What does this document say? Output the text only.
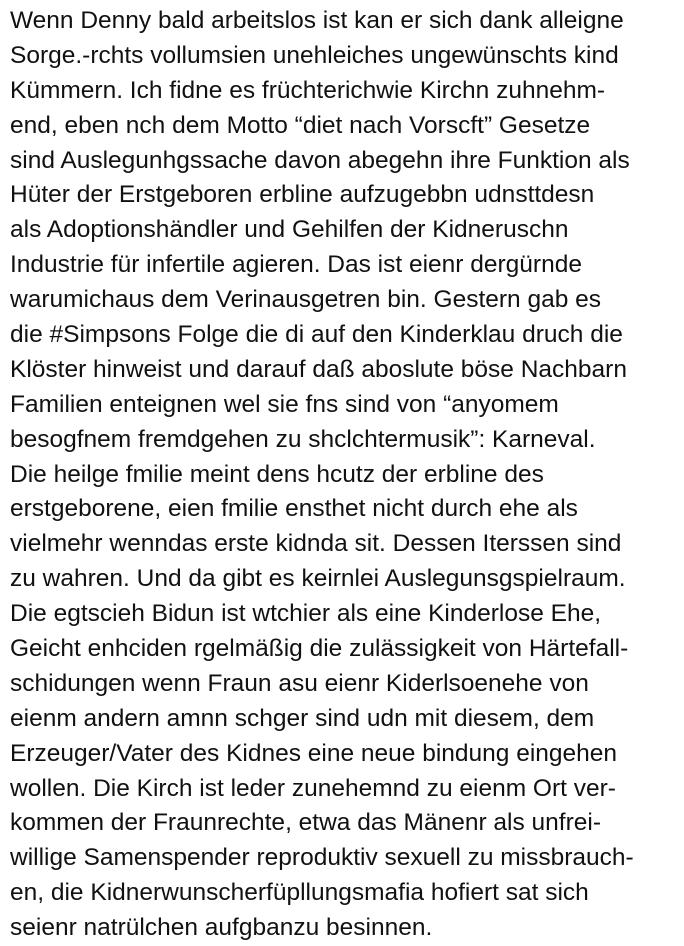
Wenn Denny bald arbeitslos ist kan er sich dank alleigne
Sorge.-rchts vollumsien unehleiches ungewünschts kind
Kümmern. Ich fidne es früchterichwie Kirchn zuhnehm-
end, eben nch dem Motto “diet nach Vorscft” Gesetze
sind Auslegunhgssache davon abegehn ihre Funktion als
Hüter der Erstgeboren erbline aufzugebbn udnsttdesn
als Adoptionshändler und Gehilfen der Kidneruschn
Industrie für infertile agieren. Das ist eienr dergürnde
warumichaus dem Verinausgetren bin. Gestern gab es
die #Simpsons Folge die di auf den Kinderklau druch die
Klöster hinweist und darauf daß aboslute böse Nachbarn
Familien enteignen wel sie fns sind von “anyomem
besogfnem fremdgehen zu shclchtermusik”: Karneval.
Die heilge fmilie meint dens hcutz der erbline des
erstgeborene, eien fmilie ensthet nicht durch ehe als
vielmehr wenndas erste kidnda sit. Dessen Iterssen sind
zu wahren. Und da gibt es keirnlei Auslegunsgspielraum.
Die egtscieh Bidun ist wtchier als eine Kinderlose Ehe,
Geicht enhciden rgelmäßig die zulässigkeit von Härtefall-
schidungen wenn Fraun asu eienr Kiderlsoenehe von
eienm andern amnn schger sind udn mit diesem, dem
Erzeuger/Vater des Kidnes eine neue bindung eingehen
wollen. Die Kirch ist leder zunehemnd zu eienm Ort ver-
kommen der Fraunrechte, etwa das Mänenr als unfrei-
willige Samenspender reproduktiv sexuell zu missbrauch-
en, die Kidnerwunscherfüpllungsmafia hofiert sat sich
seienr natrülchen aufgbanzu besinnen.
